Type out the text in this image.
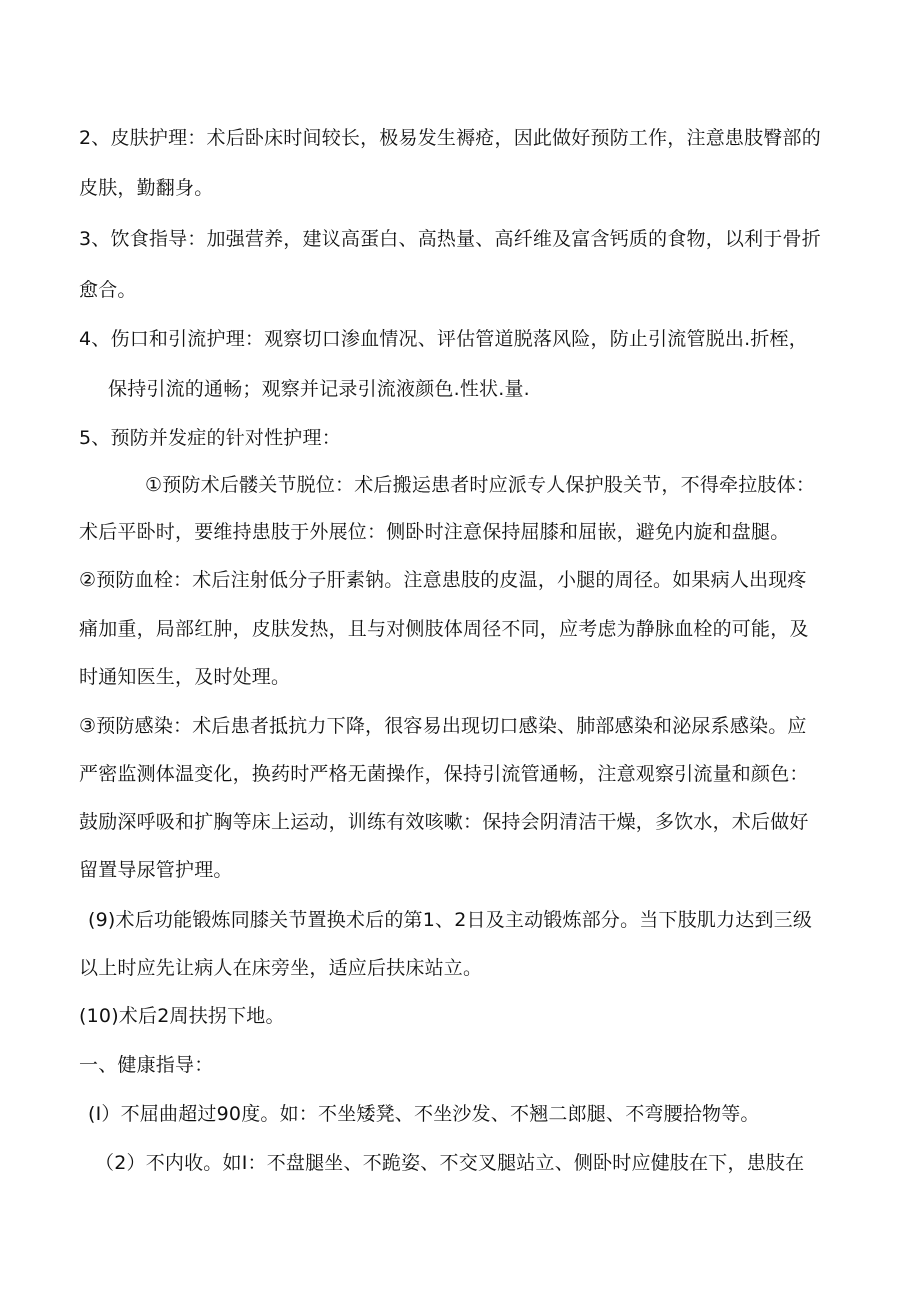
2、皮肤护理：术后卧床时间较长，极易发生褥疮，因此做好预防工作，注意患肢臀部的

皮肤，勤翻身。

3、饮食指导：加强营养，建议高蛋白、高热量、高纤维及富含钙质的食物，以利于骨折

愈合。

4、伤口和引流护理：观察切口渗血情况、评估管道脱落风险，防止引流管脱出.折桎，

保持引流的通畅；观察并记录引流液颜色.性状.量.

5、预防并发症的针对性护理：

①预防术后髅关节脱位：术后搬运患者时应派专人保护股关节，不得牵拉肢体：

术后平卧时，要维持患肢于外展位：侧卧时注意保持屈膝和屈嵌，避免内旋和盘腿。

②预防血栓：术后注射低分子肝素钠。注意患肢的皮温，小腿的周径。如果病人出现疼

痛加重，局部红肿，皮肤发热，且与对侧肢体周径不同，应考虑为静脉血栓的可能，及

时通知医生，及时处理。

③预防感染：术后患者抵抗力下降，很容易出现切口感染、肺部感染和泌尿系感染。应

严密监测体温变化，换药时严格无菌操作，保持引流管通畅，注意观察引流量和颜色：

鼓励深呼吸和扩胸等床上运动，训练有效咳嗽：保持会阴清洁干燥，多饮水，术后做好

留置导尿管护理。

(9)术后功能锻炼同膝关节置换术后的第1、2日及主动锻炼部分。当下肢肌力达到三级

以上时应先让病人在床旁坐，适应后扶床站立。

(10)术后2周扶拐下地。

一、健康指导：

(I）不屈曲超过90度。如：不坐矮凳、不坐沙发、不翘二郎腿、不弯腰拾物等。

（2）不内收。如I：不盘腿坐、不跪姿、不交叉腿站立、侧卧时应健肢在下，患肢在
